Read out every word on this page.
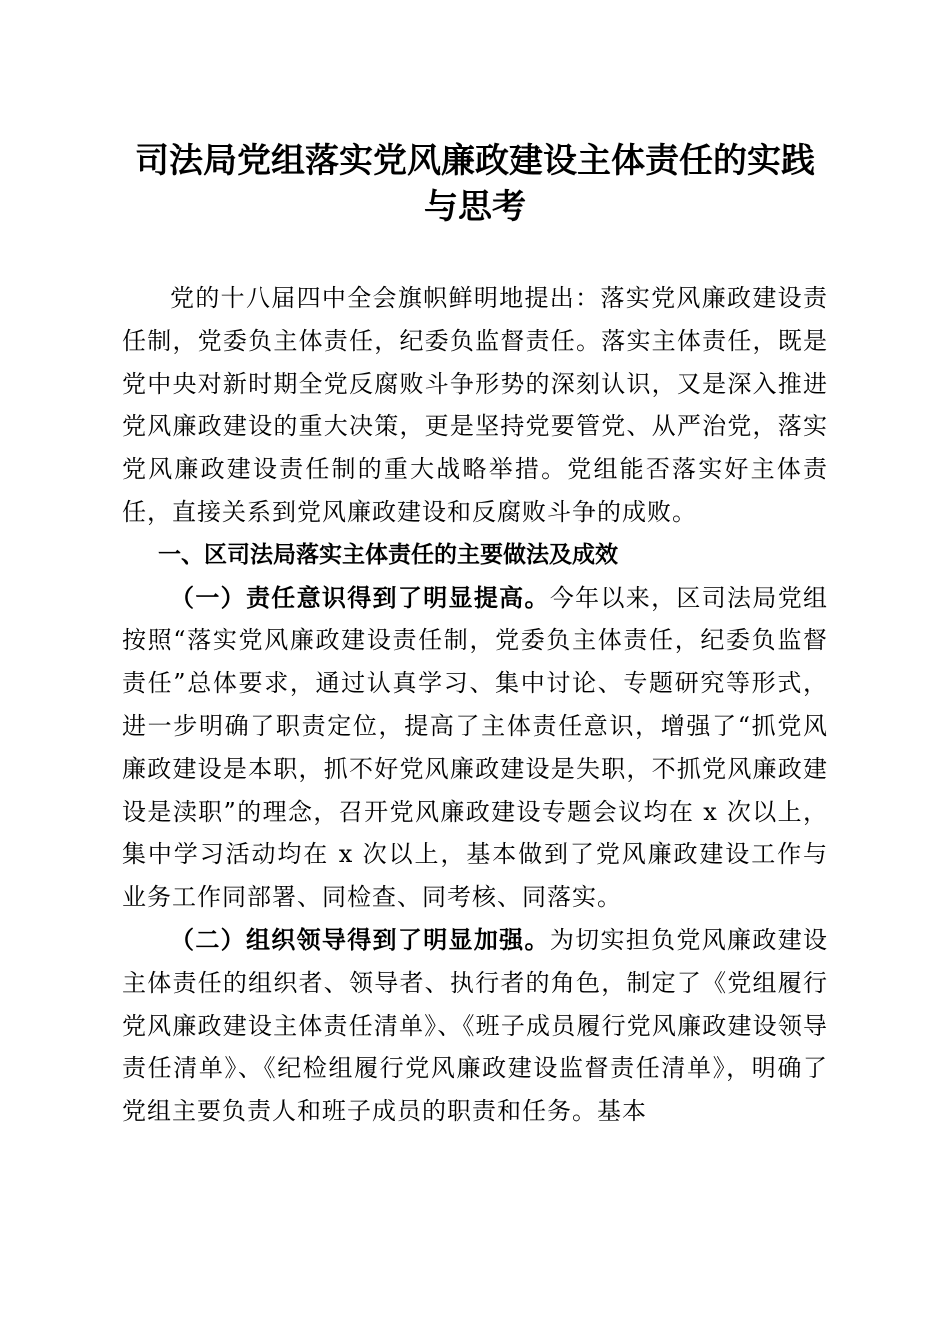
司法局党组落实党风廉政建设主体责任的实践与思考

党的十八届四中全会旗帜鲜明地提出：落实党风廉政建设责任制，党委负主体责任，纪委负监督责任。落实主体责任，既是党中央对新时期全党反腐败斗争形势的深刻认识，又是深入推进党风廉政建设的重大决策，更是坚持党要管党、从严治党，落实党风廉政建设责任制的重大战略举措。党组能否落实好主体责任，直接关系到党风廉政建设和反腐败斗争的成败。

一、区司法局落实主体责任的主要做法及成效

（一）责任意识得到了明显提高。今年以来，区司法局党组按照“落实党风廉政建设责任制，党委负主体责任，纪委负监督责任”总体要求，通过认真学习、集中讨论、专题研究等形式，进一步明确了职责定位，提高了主体责任意识，增强了“抓党风廉政建设是本职，抓不好党风廉政建设是失职，不抓党风廉政建设是渎职”的理念，召开党风廉政建设专题会议均在 x 次以上，集中学习活动均在 x 次以上，基本做到了党风廉政建设工作与业务工作同部署、同检查、同考核、同落实。

（二）组织领导得到了明显加强。为切实担负党风廉政建设主体责任的组织者、领导者、执行者的角色，制定了《党组履行党风廉政建设主体责任清单》、《班子成员履行党风廉政建设领导责任清单》、《纪检组履行党风廉政建设监督责任清单》，明确了党组主要负责人和班子成员的职责和任务。基本
